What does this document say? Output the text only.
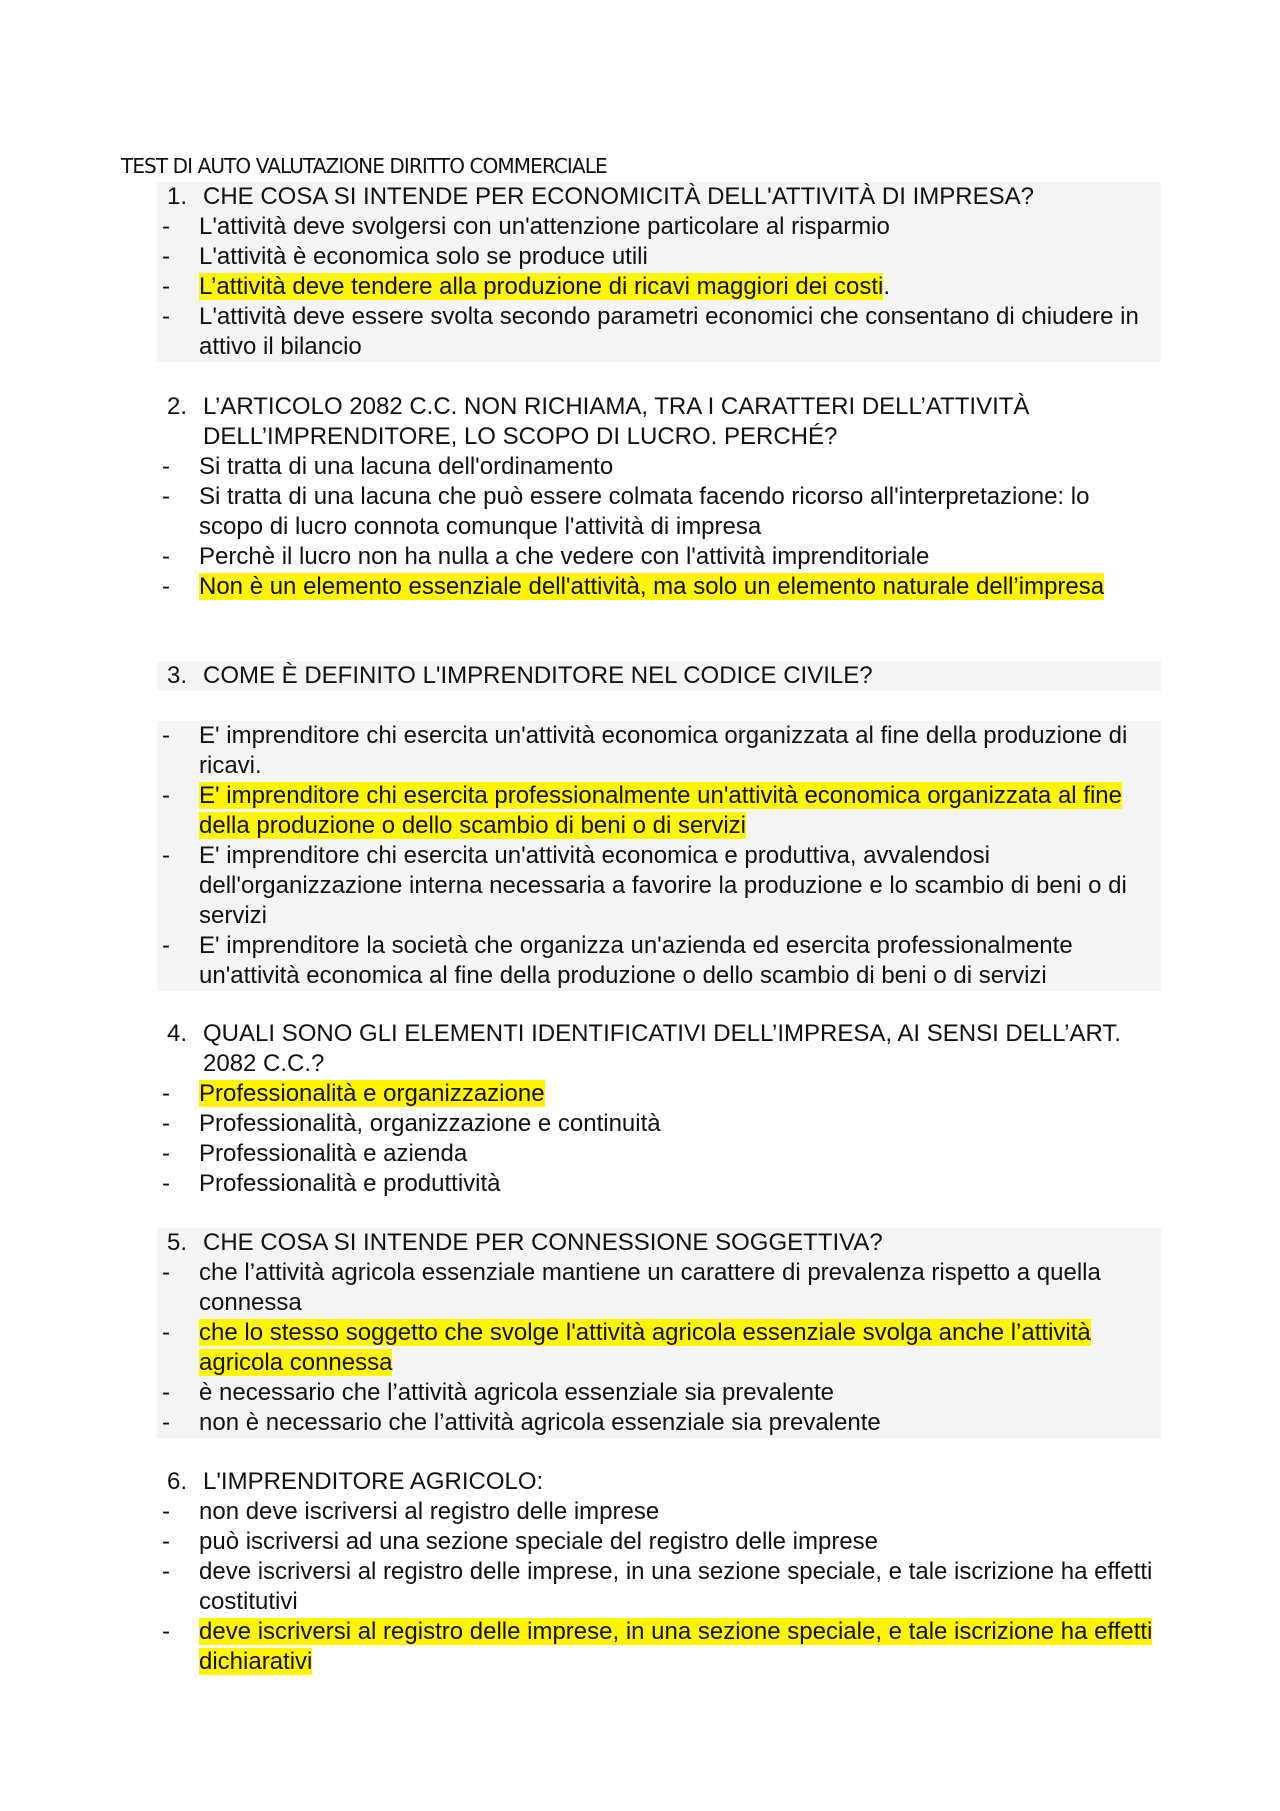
TEST DI AUTO VALUTAZIONE DIRITTO COMMERCIALE
1. CHE COSA SI INTENDE PER ECONOMICITÀ DELL'ATTIVITÀ DI IMPRESA?
-	L'attività deve svolgersi con un'attenzione particolare al risparmio
-	L'attività è economica solo se produce utili
-	L’attività deve tendere alla produzione di ricavi maggiori dei costi.
-	L'attività deve essere svolta secondo parametri economici che consentano di chiudere in attivo il bilancio
2. L’ARTICOLO 2082 C.C. NON RICHIAMA, TRA I CARATTERI DELL’ATTIVITÀ DELL’IMPRENDITORE, LO SCOPO DI LUCRO. PERCHÉ?
-	Si tratta di una lacuna dell'ordinamento
-	Si tratta di una lacuna che può essere colmata facendo ricorso all'interpretazione: lo scopo di lucro connota comunque l'attività di impresa
-	Perchè il lucro non ha nulla a che vedere con l'attività imprenditoriale
-	Non è un elemento essenziale dell'attività, ma solo un elemento naturale dell’impresa
3. COME È DEFINITO L'IMPRENDITORE NEL CODICE CIVILE?
-	E' imprenditore chi esercita un'attività economica organizzata al fine della produzione di ricavi.
-	E' imprenditore chi esercita professionalmente un'attività economica organizzata al fine della produzione o dello scambio di beni o di servizi
-	E' imprenditore chi esercita un'attività economica e produttiva, avvalendosi dell'organizzazione interna necessaria a favorire la produzione e lo scambio di beni o di servizi
-	E' imprenditore la società che organizza un'azienda ed esercita professionalmente un'attività economica al fine della produzione o dello scambio di beni o di servizi
4. QUALI SONO GLI ELEMENTI IDENTIFICATIVI DELL’IMPRESA, AI SENSI DELL’ART. 2082 C.C.?
-	Professionalità e organizzazione
-	Professionalità, organizzazione e continuità
-	Professionalità e azienda
-	Professionalità e produttività
5. CHE COSA SI INTENDE PER CONNESSIONE SOGGETTIVA?
-	che l’attività agricola essenziale mantiene un carattere di prevalenza rispetto a quella connessa
-	che lo stesso soggetto che svolge l'attività agricola essenziale svolga anche l’attività agricola connessa
-	è necessario che l’attività agricola essenziale sia prevalente
-	non è necessario che l’attività agricola essenziale sia prevalente
6. L'IMPRENDITORE AGRICOLO:
-	non deve iscriversi al registro delle imprese
-	può iscriversi ad una sezione speciale del registro delle imprese
-	deve iscriversi al registro delle imprese, in una sezione speciale, e tale iscrizione ha effetti costitutivi
-	deve iscriversi al registro delle imprese, in una sezione speciale, e tale iscrizione ha effetti dichiarativi
